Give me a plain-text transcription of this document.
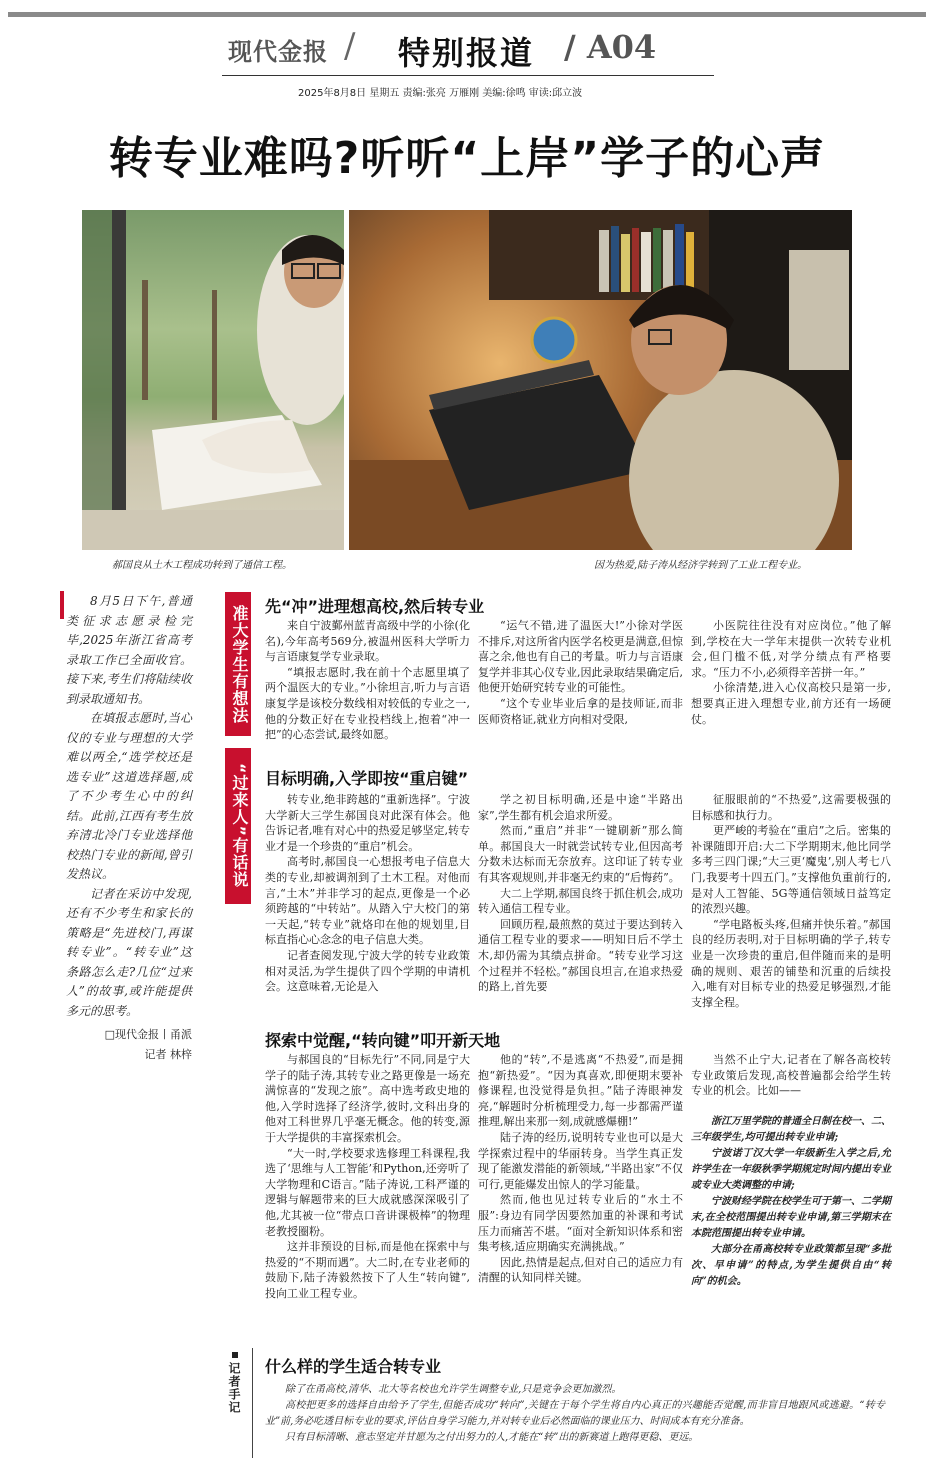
现代金报 / 特别报道 / A04
2025年8月8日 星期五 责编:张亮 万雁刚 美编:徐鸣 审读:邱立波
转专业难吗?听听“上岸”学子的心声
郝国良从土木工程成功转到了通信工程。	因为热爱,陆子涛从经济学转到了工业工程专业。

8月5日下午,普通类征求志愿录检完毕,2025年浙江省高考录取工作已全面收官。接下来,考生们将陆续收到录取通知书。

在填报志愿时,当心仪的专业与理想的大学难以两全,“选学校还是选专业”这道选择题,成了不少考生心中的纠结。此前,江西有考生放弃清北冷门专业选择他校热门专业的新闻,曾引发热议。

记者在采访中发现,还有不少考生和家长的策略是“先进校门,再谋转专业”。“转专业”这条路怎么走?几位“过来人”的故事,或许能提供多元的思考。

□现代金报丨甬派
记者 林梓
准大学生有想法
“过来人”有话说
先“冲”进理想高校,然后转专业

来自宁波鄞州蓝青高级中学的小徐(化名),今年高考569分,被温州医科大学听力与言语康复学专业录取。

“填报志愿时,我在前十个志愿里填了两个温医大的专业。”小徐坦言,听力与言语康复学是该校分数线相对较低的专业之一,他的分数正好在专业投档线上,抱着“冲一把”的心态尝试,最终如愿。

“运气不错,进了温医大!”小徐对学医不排斥,对这所省内医学名校更是满意,但惊喜之余,他也有自己的考量。听力与言语康复学并非其心仪专业,因此录取结果确定后,他便开始研究转专业的可能性。

“这个专业毕业后拿的是技师证,而非医师资格证,就业方向相对受限,

小医院往往没有对应岗位。”他了解到,学校在大一学年末提供一次转专业机会,但门槛不低,对学分绩点有严格要求。“压力不小,必须得辛苦拼一年。”

小徐清楚,进入心仪高校只是第一步,想要真正进入理想专业,前方还有一场硬仗。

目标明确,入学即按“重启键”

转专业,绝非跨越的“重新选择”。宁波大学新大三学生郝国良对此深有体会。他告诉记者,唯有对心中的热爱足够坚定,转专业才是一个珍贵的“重启”机会。

高考时,郝国良一心想报考电子信息大类的专业,却被调剂到了土木工程。对他而言,“土木”并非学习的起点,更像是一个必须跨越的“中转站”。从踏入宁大校门的第一天起,“转专业”就烙印在他的规划里,目标直指心心念念的电子信息大类。

记者查阅发现,宁波大学的转专业政策相对灵活,为学生提供了四个学期的申请机会。这意味着,无论是入

学之初目标明确,还是中途“半路出家”,学生都有机会追求所爱。

然而,“重启”并非“一键刷新”那么简单。郝国良大一时就尝试转专业,但因高考分数未达标而无奈放弃。这印证了转专业有其客观规则,并非毫无约束的“后悔药”。

大二上学期,郝国良终于抓住机会,成功转入通信工程专业。

回顾历程,最煎熬的莫过于要达到转入通信工程专业的要求——明知日后不学土木,却仍需为其绩点拼命。“转专业学习这个过程并不轻松。”郝国良坦言,在追求热爱的路上,首先要

征服眼前的“不热爱”,这需要极强的目标感和执行力。

更严峻的考验在“重启”之后。密集的补课随即开启:大二下学期期末,他比同学多考三四门课;“大三更‘魔鬼’,别人考七八门,我要考十四五门。”支撑他负重前行的,是对人工智能、5G等通信领域日益笃定的浓烈兴趣。

“学电路板头疼,但痛并快乐着。”郝国良的经历表明,对于目标明确的学子,转专业是一次珍贵的重启,但伴随而来的是明确的规则、艰苦的铺垫和沉重的后续投入,唯有对目标专业的热爱足够强烈,才能支撑全程。

探索中觉醒,“转向键”叩开新天地

与郝国良的“目标先行”不同,同是宁大学子的陆子涛,其转专业之路更像是一场充满惊喜的“发现之旅”。高中选考政史地的他,入学时选择了经济学,彼时,文科出身的他对工科世界几乎毫无概念。他的转变,源于大学提供的丰富探索机会。

“大一时,学校要求选修理工科课程,我选了‘思维与人工智能’和Python,还旁听了大学物理和C语言。”陆子涛说,工科严谨的逻辑与解题带来的巨大成就感深深吸引了他,尤其被一位“带点口音讲课极棒”的物理老教授圈粉。

这并非预设的目标,而是他在探索中与热爱的“不期而遇”。大二时,在专业老师的鼓励下,陆子涛毅然按下了人生“转向键”,投向工业工程专业。

他的“转”,不是逃离“不热爱”,而是拥抱“新热爱”。“因为真喜欢,即便期末要补修课程,也没觉得是负担。”陆子涛眼神发亮,“解题时分析梳理受力,每一步都需严谨推理,解出来那一刻,成就感爆棚!”

陆子涛的经历,说明转专业也可以是大学探索过程中的华丽转身。当学生真正发现了能激发潜能的新领域,“半路出家”不仅可行,更能爆发出惊人的学习能量。

然而,他也见过转专业后的“水土不服”:身边有同学因要然加重的补课和考试压力而痛苦不堪。“面对全新知识体系和密集考核,适应期确实充满挑战。”

因此,热情是起点,但对自己的适应力有清醒的认知同样关键。

当然不止宁大,记者在了解各高校转专业政策后发现,高校普遍都会给学生转专业的机会。比如——

浙江万里学院的普通全日制在校一、二、三年级学生,均可提出转专业申请;

宁波诺丁汉大学一年级新生入学之后,允许学生在一年级秋季学期规定时间内提出专业或专业大类调整的申请;

宁波财经学院在校学生可于第一、二学期末,在全校范围提出转专业申请,第三学期末在本院范围提出转专业申请。

大部分在甬高校转专业政策都呈现“多批次、早申请”的特点,为学生提供自由“转向”的机会。

记者手记 什么样的学生适合转专业

除了在甬高校,清华、北大等名校也允许学生调整专业,只是竞争会更加激烈。

高校把更多的选择自由给予了学生,但能否成功“转向”,关键在于每个学生将自内心真正的兴趣能否觉醒,而非盲目地跟风或逃避。“转专业”前,务必吃透目标专业的要求,评估自身学习能力,并对转专业后必然面临的课业压力、时间成本有充分准备。

只有目标清晰、意志坚定并甘愿为之付出努力的人,才能在“转”出的新赛道上跑得更稳、更远。
